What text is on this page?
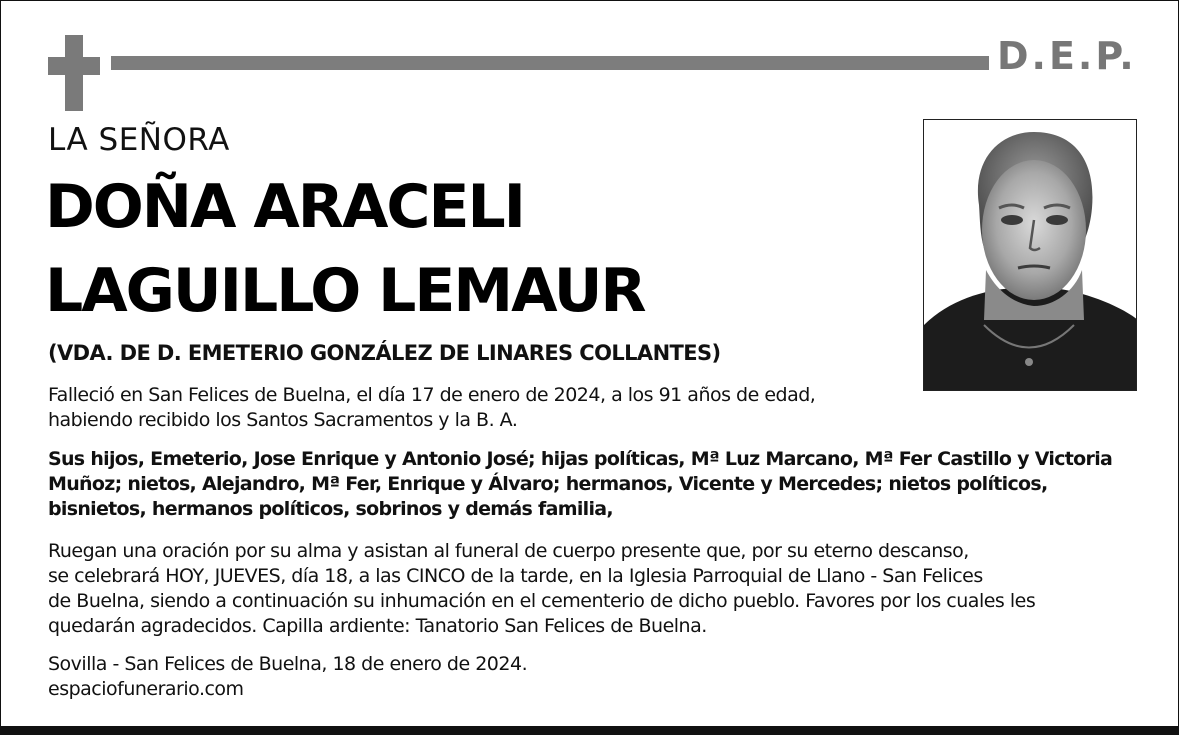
D.E.P.
LA SEÑORA
DOÑA ARACELI
LAGUILLO LEMAUR
(VDA. DE D. EMETERIO GONZÁLEZ DE LINARES COLLANTES)
Falleció en San Felices de Buelna, el día 17 de enero de 2024, a los 91 años de edad,
habiendo recibido los Santos Sacramentos y la B. A.
Sus hijos, Emeterio, Jose Enrique y Antonio José; hijas políticas, Mª Luz Marcano, Mª Fer Castillo y Victoria
Muñoz; nietos, Alejandro, Mª Fer, Enrique y Álvaro; hermanos, Vicente y Mercedes; nietos políticos,
bisnietos, hermanos políticos, sobrinos y demás familia,
Ruegan una oración por su alma y asistan al funeral de cuerpo presente que, por su eterno descanso,
se celebrará HOY, JUEVES, día 18, a las CINCO de la tarde, en la Iglesia Parroquial de Llano - San Felices
de Buelna, siendo a continuación su inhumación en el cementerio de dicho pueblo. Favores por los cuales les
quedarán agradecidos. Capilla ardiente: Tanatorio San Felices de Buelna.
Sovilla - San Felices de Buelna, 18 de enero de 2024.
espaciofunerario.com
